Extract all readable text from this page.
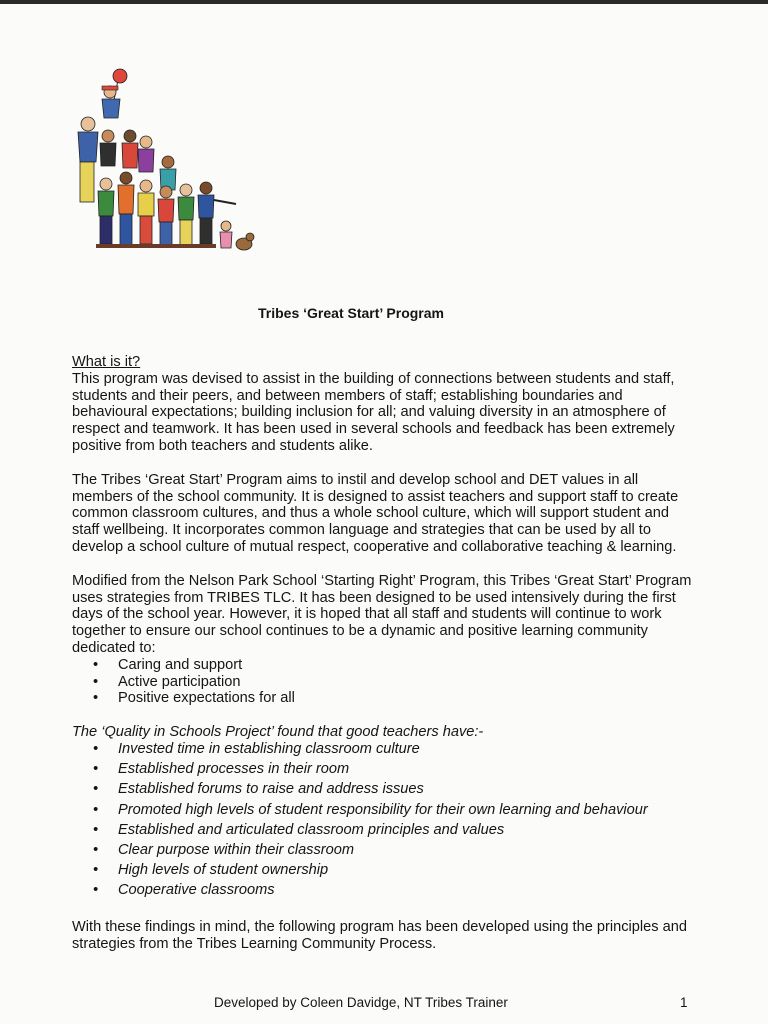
Tribes ‘Great Start’ Program

What is it?

This program was devised to assist in the building of connections between students and staff, students and their peers, and between members of staff; establishing boundaries and behavioural expectations; building inclusion for all; and valuing diversity in an atmosphere of respect and teamwork. It has been used in several schools and feedback has been extremely positive from both teachers and students alike.

The Tribes ‘Great Start’ Program aims to instil and develop school and DET values in all members of the school community. It is designed to assist teachers and support staff to create common classroom cultures, and thus a whole school culture, which will support student and staff wellbeing. It incorporates common language and strategies that can be used by all to develop a school culture of mutual respect, cooperative and collaborative teaching & learning.

Modified from the Nelson Park School ‘Starting Right’ Program, this Tribes ‘Great Start’ Program uses strategies from TRIBES TLC. It has been designed to be used intensively during the first days of the school year. However, it is hoped that all staff and students will continue to work together to ensure our school continues to be a dynamic and positive learning community dedicated to:

• Caring and support
• Active participation
• Positive expectations for all

The ‘Quality in Schools Project’ found that good teachers have:-

• Invested time in establishing classroom culture
• Established processes in their room
• Established forums to raise and address issues
• Promoted high levels of student responsibility for their own learning and behaviour
• Established and articulated classroom principles and values
• Clear purpose within their classroom
• High levels of student ownership
• Cooperative classrooms

With these findings in mind, the following program has been developed using the principles and strategies from the Tribes Learning Community Process.

Developed by Coleen Davidge, NT Tribes Trainer	1
